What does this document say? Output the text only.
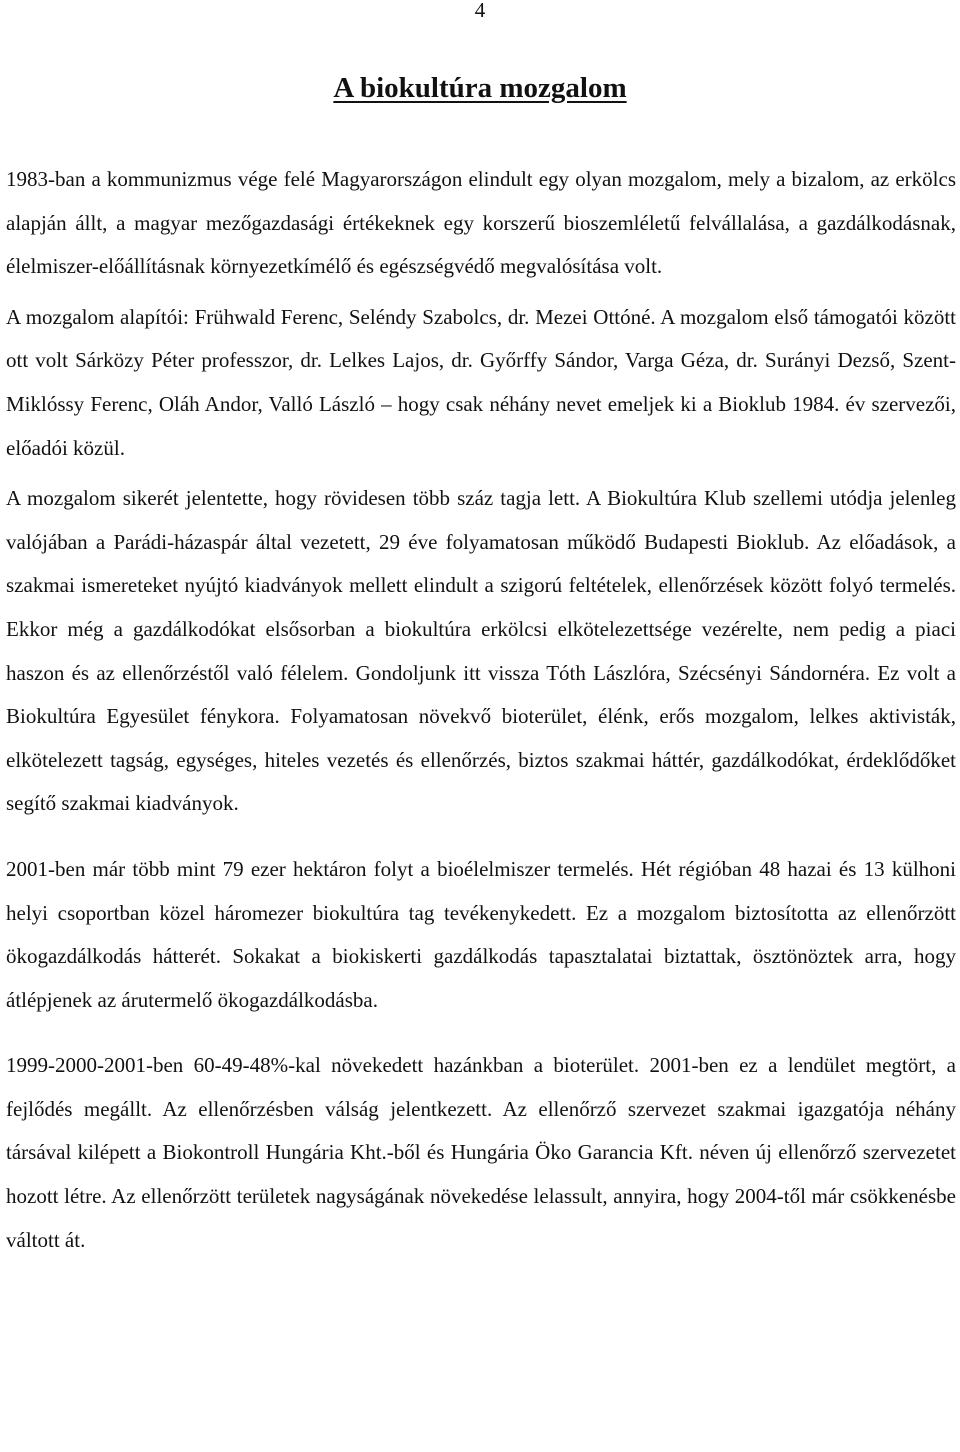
4
A biokultúra mozgalom

1983-ban a kommunizmus vége felé Magyarországon elindult egy olyan mozgalom, mely a bizalom, az erkölcs alapján állt, a magyar mezőgazdasági értékeknek egy korszerű bioszemléletű felvállalása, a gazdálkodásnak, élelmiszer-előállításnak környezetkímélő és egészségvédő megvalósítása volt.

A mozgalom alapítói: Frühwald Ferenc, Seléndy Szabolcs, dr. Mezei Ottóné. A mozgalom első támogatói között ott volt Sárközy Péter professzor, dr. Lelkes Lajos, dr. Győrffy Sándor, Varga Géza, dr. Surányi Dezső, Szent-Miklóssy Ferenc, Oláh Andor, Valló László – hogy csak néhány nevet emeljek ki a Bioklub 1984. év szervezői, előadói közül.

A mozgalom sikerét jelentette, hogy rövidesen több száz tagja lett. A Biokultúra Klub szellemi utódja jelenleg valójában a Parádi-házaspár által vezetett, 29 éve folyamatosan működő Budapesti Bioklub. Az előadások, a szakmai ismereteket nyújtó kiadványok mellett elindult a szigorú feltételek, ellenőrzések között folyó termelés. Ekkor még a gazdálkodókat elsősorban a biokultúra erkölcsi elkötelezettsége vezérelte, nem pedig a piaci haszon és az ellenőrzéstől való félelem. Gondoljunk itt vissza Tóth Lászlóra, Szécsényi Sándornéra. Ez volt a Biokultúra Egyesület fénykora. Folyamatosan növekvő bioterület, élénk, erős mozgalom, lelkes aktivisták, elkötelezett tagság, egységes, hiteles vezetés és ellenőrzés, biztos szakmai háttér, gazdálkodókat, érdeklődőket segítő szakmai kiadványok.

2001-ben már több mint 79 ezer hektáron folyt a bioélelmiszer termelés. Hét régióban 48 hazai és 13 külhoni helyi csoportban közel háromezer biokultúra tag tevékenykedett. Ez a mozgalom biztosította az ellenőrzött ökogazdálkodás hátterét. Sokakat a biokiskerti gazdálkodás tapasztalatai biztattak, ösztönöztek arra, hogy átlépjenek az árutermelő ökogazdálkodásba.

1999-2000-2001-ben 60-49-48%-kal növekedett hazánkban a bioterület. 2001-ben ez a lendület megtört, a fejlődés megállt. Az ellenőrzésben válság jelentkezett. Az ellenőrző szervezet szakmai igazgatója néhány társával kilépett a Biokontroll Hungária Kht.-ből és Hungária Öko Garancia Kft. néven új ellenőrző szervezetet hozott létre. Az ellenőrzött területek nagyságának növekedése lelassult, annyira, hogy 2004-től már csökkenésbe váltott át.
